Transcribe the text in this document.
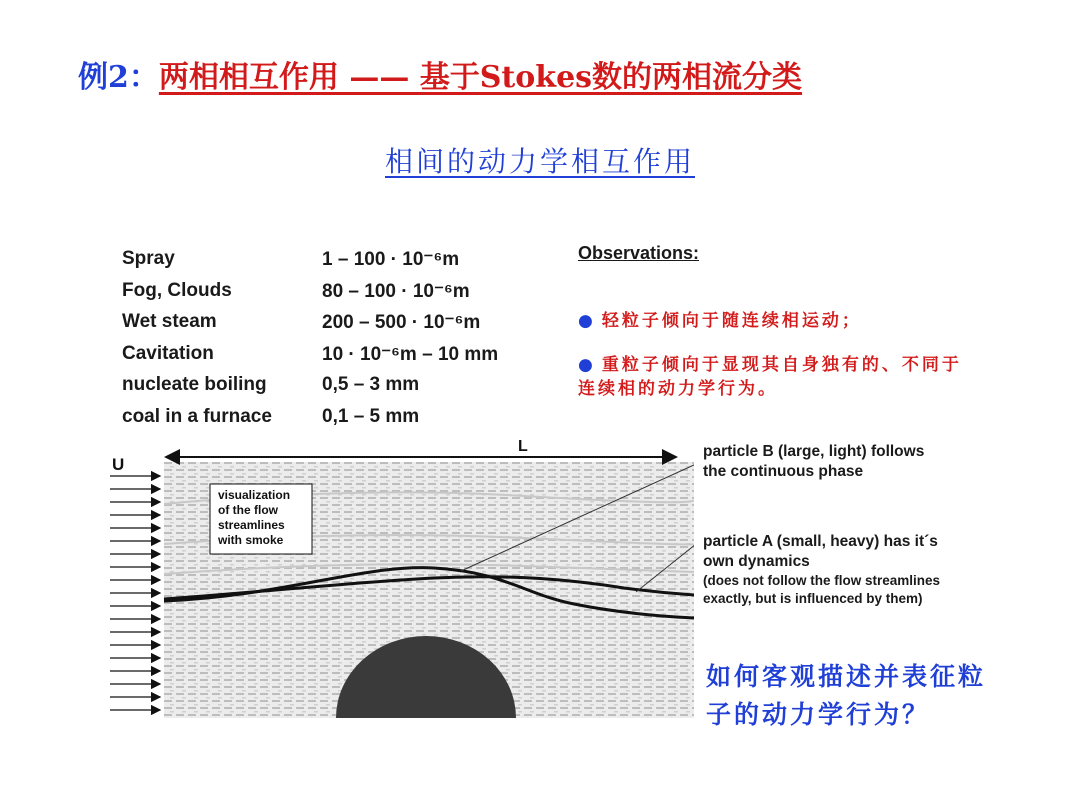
例2：两相相互作用 —— 基于Stokes数的两相流分类
相间的动力学相互作用
Spray	1 – 100 · 10⁻⁶m
Fog, Clouds	80 – 100 · 10⁻⁶m
Wet steam	200 – 500 · 10⁻⁶m
Cavitation	10 · 10⁻⁶m – 10 mm
nucleate boiling	0,5 – 3 mm
coal in a furnace	0,1 – 5 mm
Observations:
● 轻粒子倾向于随连续相运动；
● 重粒子倾向于显现其自身独有的、不同于连续相的动力学行为。
U
L
visualization of the flow streamlines with smoke
particle B (large, light) follows the continuous phase
particle A (small, heavy) has it´s own dynamics
(does not follow the flow streamlines exactly, but is influenced by them)
如何客观描述并表征粒子的动力学行为？
